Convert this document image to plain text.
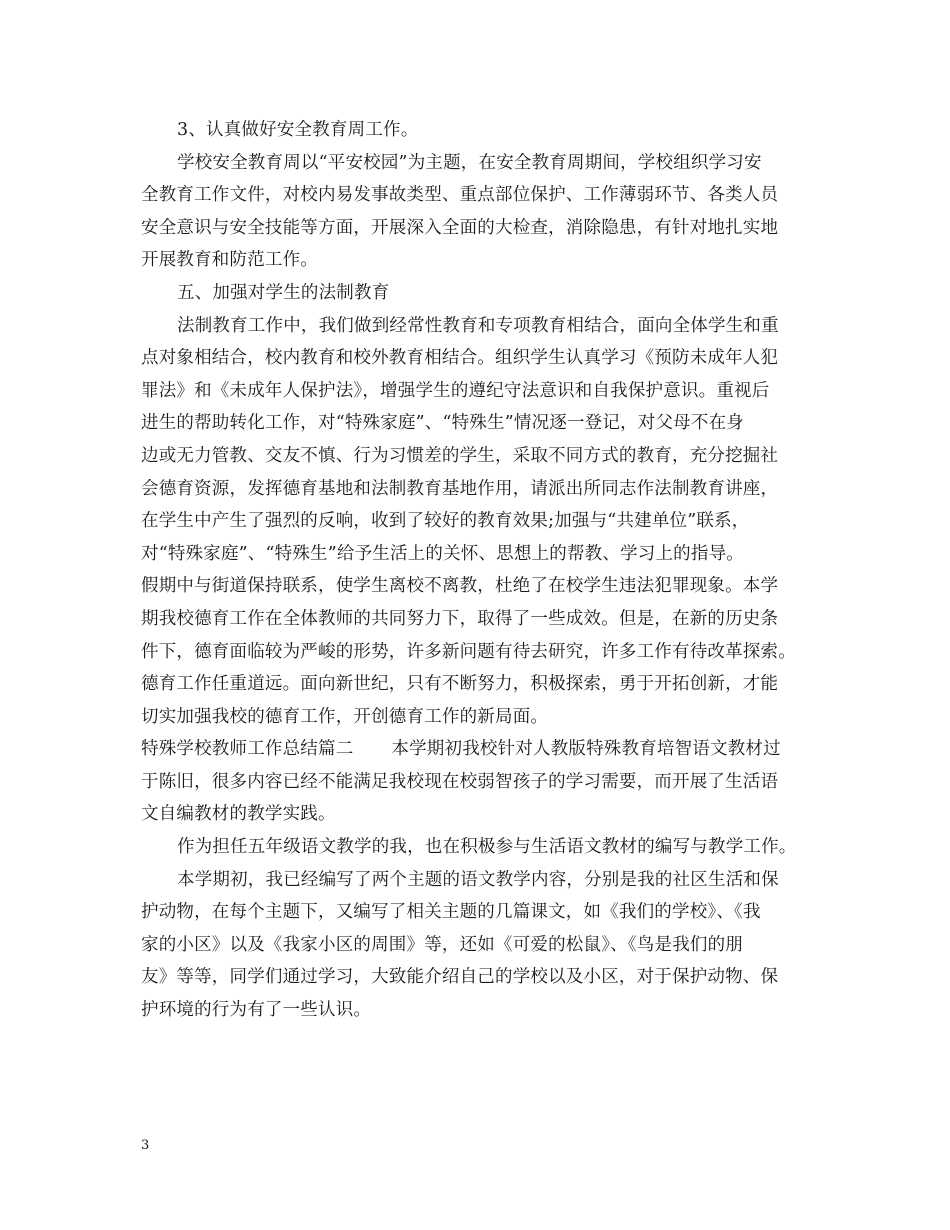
3、认真做好安全教育周工作。
学校安全教育周以“平安校园”为主题，在安全教育周期间，学校组织学习安
全教育工作文件，对校内易发事故类型、重点部位保护、工作薄弱环节、各类人员
安全意识与安全技能等方面，开展深入全面的大检查，消除隐患，有针对地扎实地
开展教育和防范工作。
五、加强对学生的法制教育
法制教育工作中，我们做到经常性教育和专项教育相结合，面向全体学生和重
点对象相结合，校内教育和校外教育相结合。组织学生认真学习《预防未成年人犯
罪法》和《未成年人保护法》，增强学生的遵纪守法意识和自我保护意识。重视后
进生的帮助转化工作，对“特殊家庭”、“特殊生”情况逐一登记，对父母不在身
边或无力管教、交友不慎、行为习惯差的学生，采取不同方式的教育，充分挖掘社
会德育资源，发挥德育基地和法制教育基地作用，请派出所同志作法制教育讲座，
在学生中产生了强烈的反响，收到了较好的教育效果;加强与“共建单位”联系，
对“特殊家庭”、“特殊生”给予生活上的关怀、思想上的帮教、学习上的指导。
假期中与街道保持联系，使学生离校不离教，杜绝了在校学生违法犯罪现象。本学
期我校德育工作在全体教师的共同努力下，取得了一些成效。但是，在新的历史条
件下，德育面临较为严峻的形势，许多新问题有待去研究，许多工作有待改革探索。
德育工作任重道远。面向新世纪，只有不断努力，积极探索，勇于开拓创新，才能
切实加强我校的德育工作，开创德育工作的新局面。
特殊学校教师工作总结篇二 本学期初我校针对人教版特殊教育培智语文教材过
于陈旧，很多内容已经不能满足我校现在校弱智孩子的学习需要，而开展了生活语
文自编教材的教学实践。
作为担任五年级语文教学的我，也在积极参与生活语文教材的编写与教学工作。
本学期初，我已经编写了两个主题的语文教学内容，分别是我的社区生活和保
护动物，在每个主题下，又编写了相关主题的几篇课文，如《我们的学校》、《我
家的小区》以及《我家小区的周围》等，还如《可爱的松鼠》、《鸟是我们的朋
友》等等，同学们通过学习，大致能介绍自己的学校以及小区，对于保护动物、保
护环境的行为有了一些认识。
3
